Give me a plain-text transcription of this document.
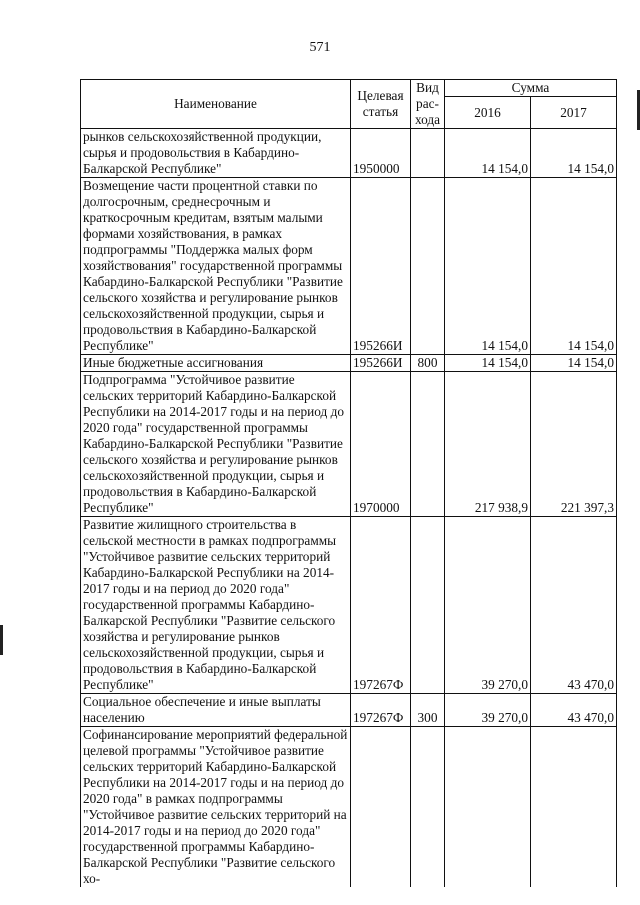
571
Наименование	Целевая статья	Вид рас-хода	Сумма	
			2016	2017
рынков сельскохозяйственной продукции, сырья и продовольствия в Кабардино-Балкарской Республике"	1950000		14 154,0	14 154,0
Возмещение части процентной ставки по долгосрочным, среднесрочным и краткосрочным кредитам, взятым малыми формами хозяйствования, в рамках подпрограммы "Поддержка малых форм хозяйствования" государственной программы Кабардино-Балкарской Республики "Развитие сельского хозяйства и регулирование рынков сельскохозяйственной продукции, сырья и продовольствия в Кабардино-Балкарской Республике"	195266И		14 154,0	14 154,0
Иные бюджетные ассигнования	195266И	800	14 154,0	14 154,0
Подпрограмма "Устойчивое развитие сельских территорий Кабардино-Балкарской Республики на 2014-2017 годы и на период до 2020 года" государственной программы Кабардино-Балкарской Республики "Развитие сельского хозяйства и регулирование рынков сельскохозяйственной продукции, сырья и продовольствия в Кабардино-Балкарской Республике"	1970000		217 938,9	221 397,3
Развитие жилищного строительства в сельской местности в рамках подпрограммы "Устойчивое развитие сельских территорий Кабардино-Балкарской Республики на 2014-2017 годы и на период до 2020 года" государственной программы Кабардино-Балкарской Республики "Развитие сельского хозяйства и регулирование рынков сельскохозяйственной продукции, сырья и продовольствия в Кабардино-Балкарской Республике"	197267Ф		39 270,0	43 470,0
Социальное обеспечение и иные выплаты населению	197267Ф	300	39 270,0	43 470,0
Софинансирование мероприятий федеральной целевой программы "Устойчивое развитие сельских территорий Кабардино-Балкарской Республики на 2014-2017 годы и на период до 2020 года" в рамках подпрограммы "Устойчивое развитие сельских территорий на 2014-2017 годы и на период до 2020 года" государственной программы Кабардино-Балкарской Республики "Развитие сельского хо-				
